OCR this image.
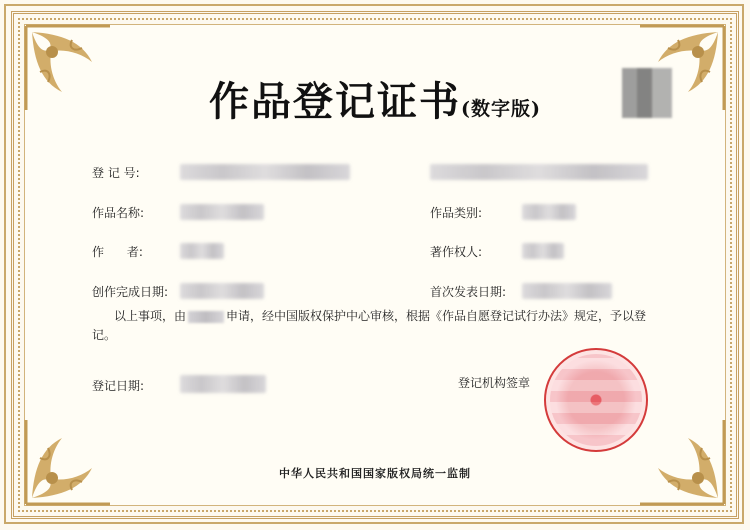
作品登记证书(数字版)
登 记 号:
作品名称:	作品类别:
作      者:	著作权人:
创作完成日期:	首次发表日期:
以上事项，由	申请，经中国版权保护中心审核，根据《作品自愿登记试行办法》规定，予以登记。
登记日期:	登记机构签章
中华人民共和国国家版权局统一监制
